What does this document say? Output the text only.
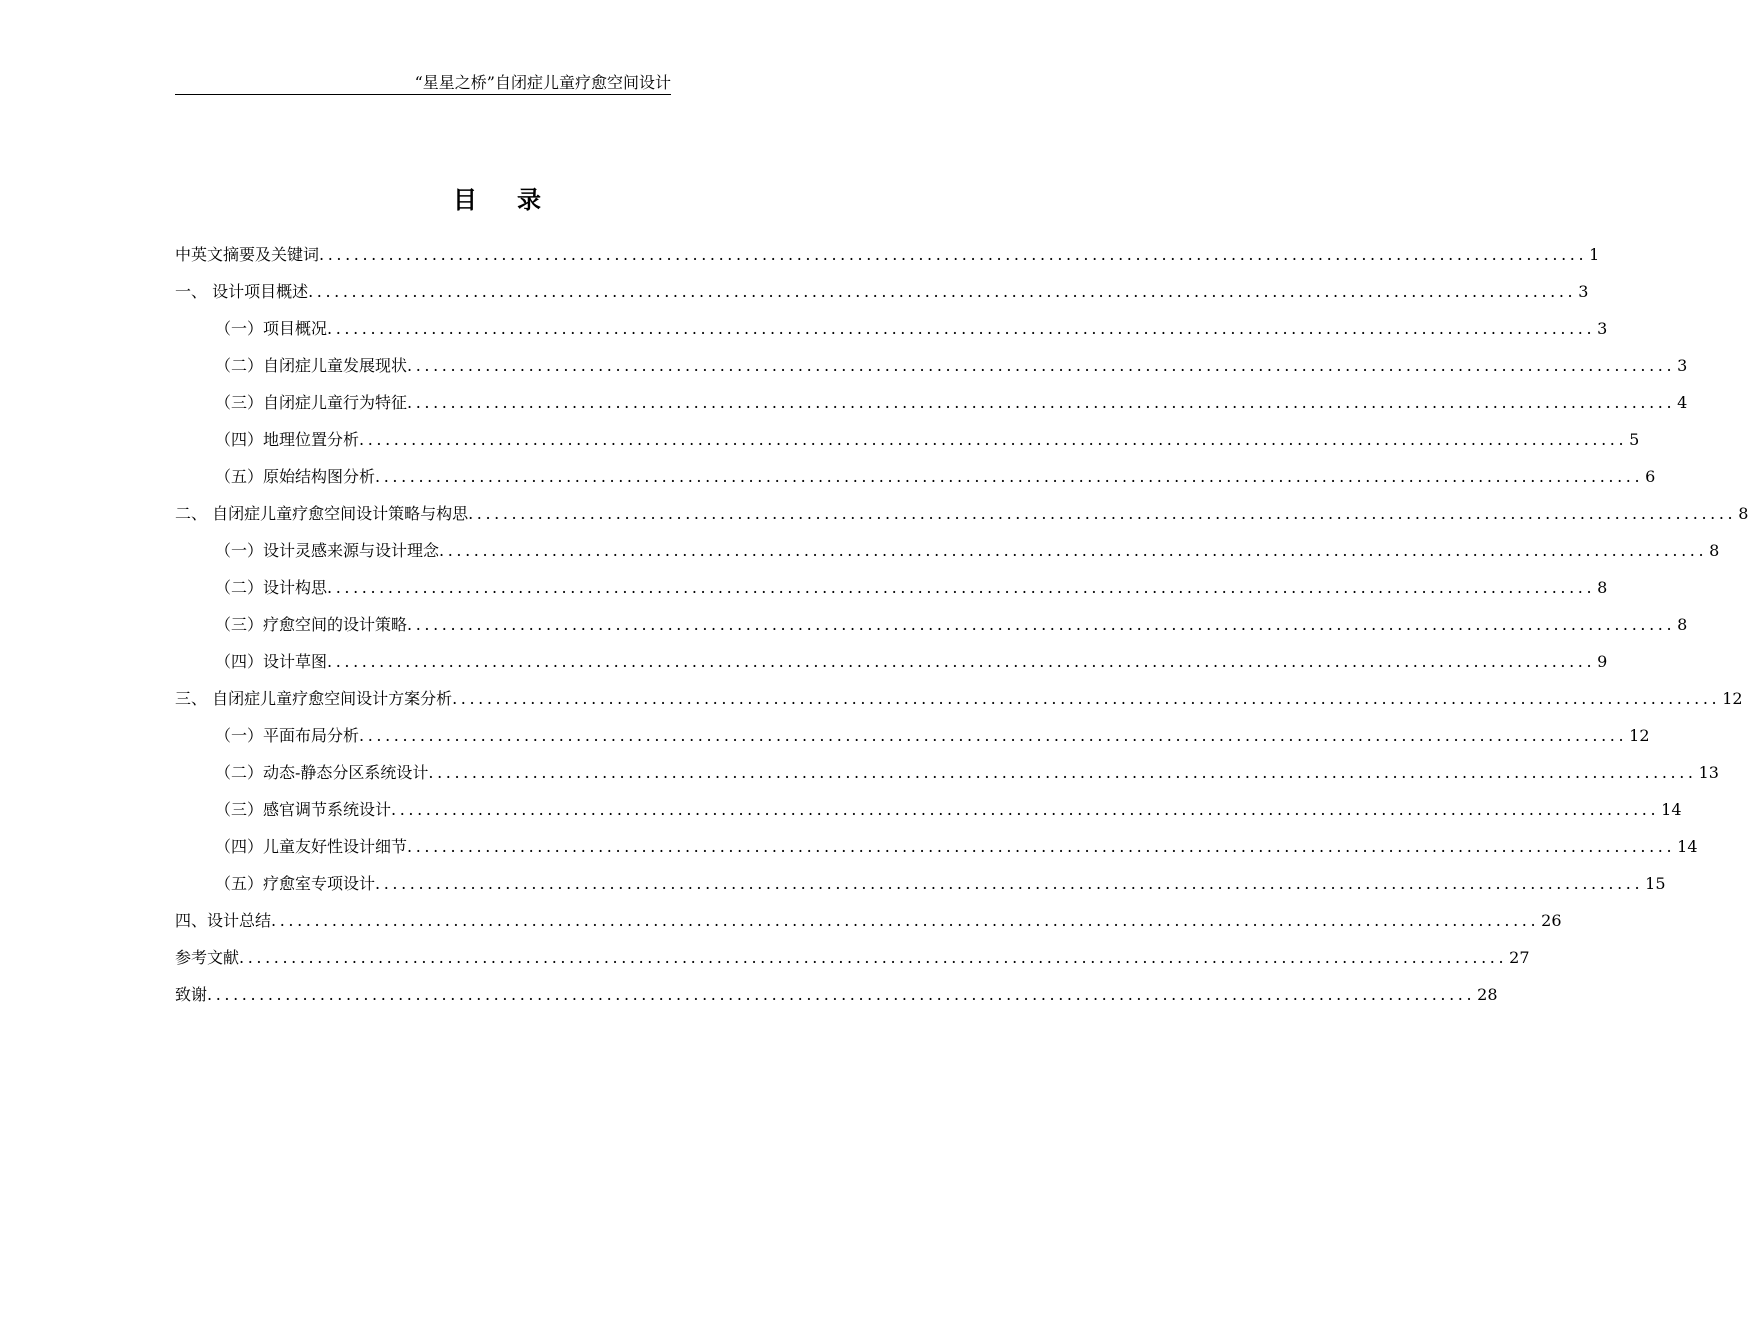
“星星之桥”自闭症儿童疗愈空间设计
目录
中英文摘要及关键词 .................................................................................................................................................. 1
一、 设计项目概述 .................................................................................................................................................. 3
（一）项目概况 .................................................................................................................................................. 3
（二）自闭症儿童发展现状 .................................................................................................................................................. 3
（三）自闭症儿童行为特征 .................................................................................................................................................. 4
（四）地理位置分析 .................................................................................................................................................. 5
（五）原始结构图分析 .................................................................................................................................................. 6
二、 自闭症儿童疗愈空间设计策略与构思 .................................................................................................................................................. 8
（一）设计灵感来源与设计理念 .................................................................................................................................................. 8
（二）设计构思 .................................................................................................................................................. 8
（三）疗愈空间的设计策略 .................................................................................................................................................. 8
（四）设计草图 .................................................................................................................................................. 9
三、 自闭症儿童疗愈空间设计方案分析 .................................................................................................................................................. 12
（一）平面布局分析 .................................................................................................................................................. 12
（二）动态-静态分区系统设计 .................................................................................................................................................. 13
（三）感官调节系统设计 .................................................................................................................................................. 14
（四）儿童友好性设计细节 .................................................................................................................................................. 14
（五）疗愈室专项设计 .................................................................................................................................................. 15
四、设计总结 .................................................................................................................................................. 26
参考文献 .................................................................................................................................................. 27
致谢 .................................................................................................................................................. 28
